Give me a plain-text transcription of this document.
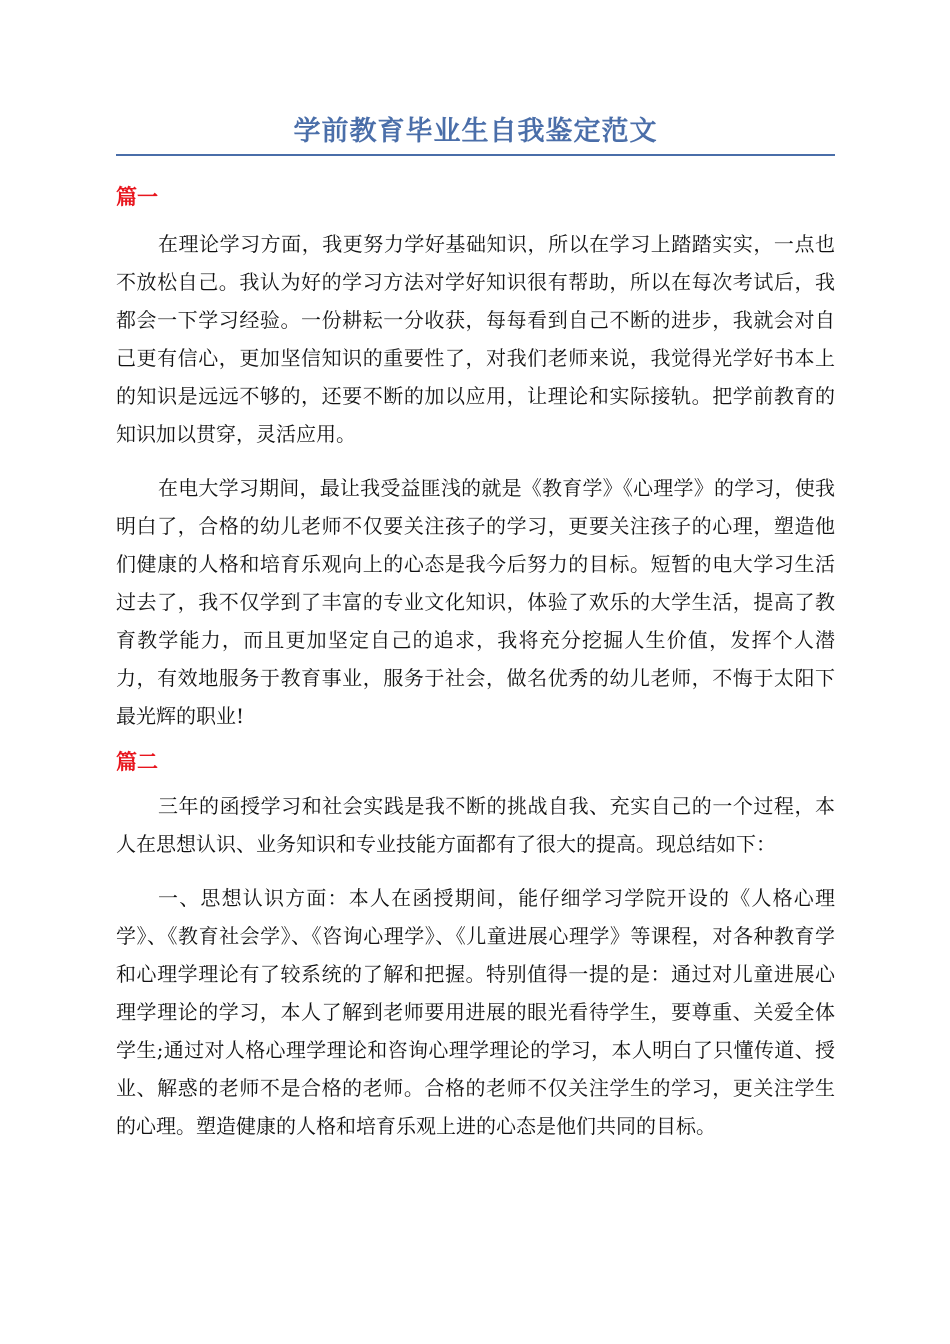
学前教育毕业生自我鉴定范文
篇一

在理论学习方面，我更努力学好基础知识，所以在学习上踏踏实实，一点也不放松自己。我认为好的学习方法对学好知识很有帮助，所以在每次考试后，我都会一下学习经验。一份耕耘一分收获，每每看到自己不断的进步，我就会对自己更有信心，更加坚信知识的重要性了，对我们老师来说，我觉得光学好书本上的知识是远远不够的，还要不断的加以应用，让理论和实际接轨。把学前教育的知识加以贯穿，灵活应用。

在电大学习期间，最让我受益匪浅的就是《教育学》《心理学》的学习，使我明白了，合格的幼儿老师不仅要关注孩子的学习，更要关注孩子的心理，塑造他们健康的人格和培育乐观向上的心态是我今后努力的目标。短暂的电大学习生活过去了，我不仅学到了丰富的专业文化知识，体验了欢乐的大学生活，提高了教育教学能力，而且更加坚定自己的追求，我将充分挖掘人生价值，发挥个人潜力，有效地服务于教育事业，服务于社会，做名优秀的幼儿老师，不悔于太阳下最光辉的职业!

篇二

三年的函授学习和社会实践是我不断的挑战自我、充实自己的一个过程，本人在思想认识、业务知识和专业技能方面都有了很大的提高。现总结如下：

一、思想认识方面：本人在函授期间，能仔细学习学院开设的《人格心理学》、《教育社会学》、《咨询心理学》、《儿童进展心理学》等课程，对各种教育学和心理学理论有了较系统的了解和把握。特别值得一提的是：通过对儿童进展心理学理论的学习，本人了解到老师要用进展的眼光看待学生，要尊重、关爱全体学生;通过对人格心理学理论和咨询心理学理论的学习，本人明白了只懂传道、授业、解惑的老师不是合格的老师。合格的老师不仅关注学生的学习，更关注学生的心理。塑造健康的人格和培育乐观上进的心态是他们共同的目标。
